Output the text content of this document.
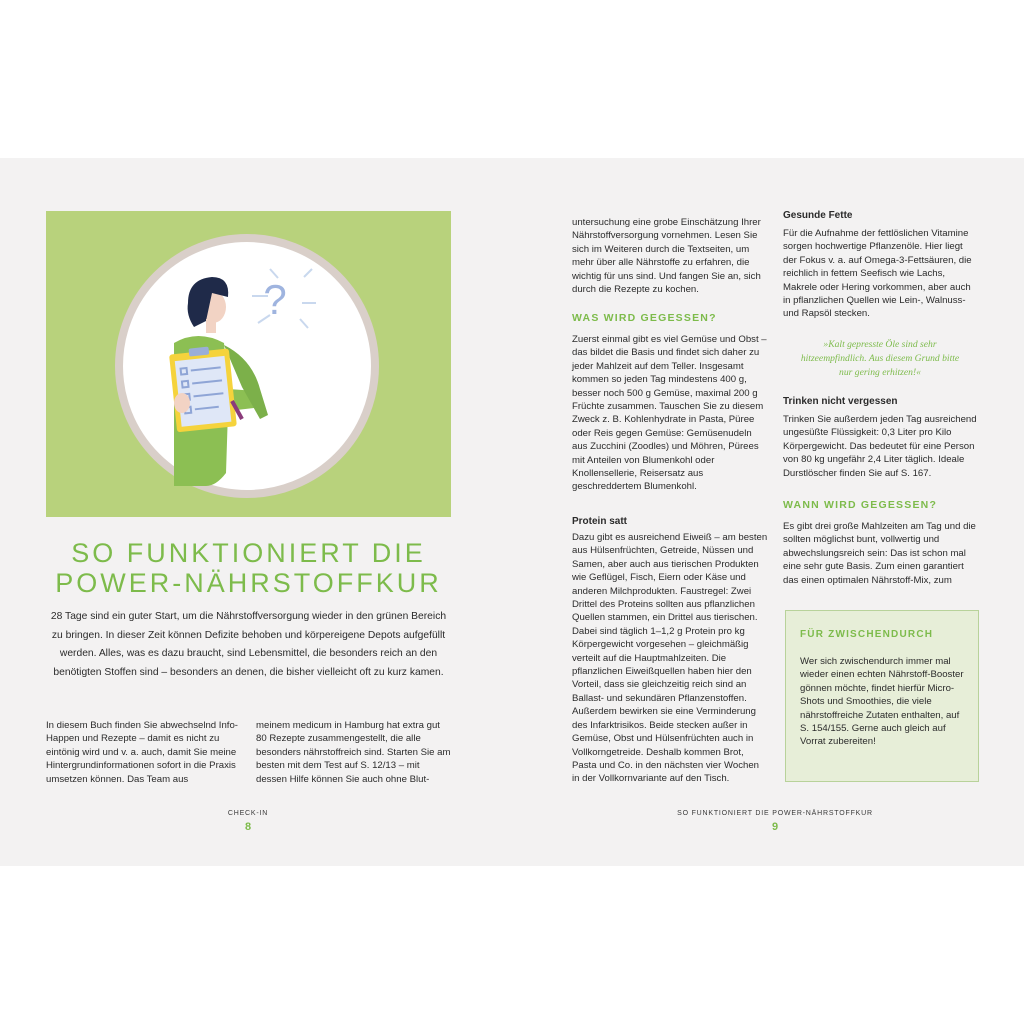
?
SO FUNKTIONIERT DIE
POWER-NÄHRSTOFFKUR

28 Tage sind ein guter Start, um die Nährstoffversorgung wieder in den grünen Bereich zu bringen. In dieser Zeit können Defizite behoben und körpereigene Depots aufgefüllt werden. Alles, was es dazu braucht, sind Lebensmittel, die besonders reich an den benötigten Stoffen sind – besonders an denen, die bisher vielleicht oft zu kurz kamen.

In diesem Buch finden Sie abwechselnd Info-Happen und Rezepte – damit es nicht zu eintönig wird und v. a. auch, damit Sie meine Hintergrundinformationen sofort in die Praxis umsetzen können. Das Team aus

meinem medicum in Hamburg hat extra gut 80 Rezepte zusammengestellt, die alle besonders nährstoffreich sind. Starten Sie am besten mit dem Test auf S. 12/13 – mit dessen Hilfe können Sie auch ohne Blut-

CHECK-IN
8

untersuchung eine grobe Einschätzung Ihrer Nährstoffversorgung vornehmen. Lesen Sie sich im Weiteren durch die Textseiten, um mehr über alle Nährstoffe zu erfahren, die wichtig für uns sind. Und fangen Sie an, sich durch die Rezepte zu kochen.

WAS WIRD GEGESSEN?

Zuerst einmal gibt es viel Gemüse und Obst – das bildet die Basis und findet sich daher zu jeder Mahlzeit auf dem Teller. Insgesamt kommen so jeden Tag mindestens 400 g, besser noch 500 g Gemüse, maximal 200 g Früchte zusammen. Tauschen Sie zu diesem Zweck z. B. Kohlenhydrate in Pasta, Püree oder Reis gegen Gemüse: Gemüsenudeln aus Zucchini (Zoodles) und Möhren, Pürees mit Anteilen von Blumenkohl oder Knollensellerie, Reisersatz aus geschreddertem Blumenkohl.

Protein satt

Dazu gibt es ausreichend Eiweiß – am besten aus Hülsenfrüchten, Getreide, Nüssen und Samen, aber auch aus tierischen Produkten wie Geflügel, Fisch, Eiern oder Käse und anderen Milchprodukten. Faustregel: Zwei Drittel des Proteins sollten aus pflanzlichen Quellen stammen, ein Drittel aus tierischen. Dabei sind täglich 1–1,2 g Protein pro kg Körpergewicht vorgesehen – gleichmäßig verteilt auf die Hauptmahlzeiten. Die pflanzlichen Eiweißquellen haben hier den Vorteil, dass sie gleichzeitig reich sind an Ballast- und sekundären Pflanzenstoffen. Außerdem bewirken sie eine Verminderung des Infarktrisikos. Beide stecken außer in Gemüse, Obst und Hülsenfrüchten auch in Vollkorngetreide. Deshalb kommen Brot, Pasta und Co. in den nächsten vier Wochen in der Vollkornvariante auf den Tisch.

Gesunde Fette

Für die Aufnahme der fettlöslichen Vitamine sorgen hochwertige Pflanzenöle. Hier liegt der Fokus v. a. auf Omega-3-Fettsäuren, die reichlich in fettem Seefisch wie Lachs, Makrele oder Hering vorkommen, aber auch in pflanzlichen Quellen wie Lein-, Walnuss- und Rapsöl stecken.

»Kalt gepresste Öle sind sehr hitzeempfindlich. Aus diesem Grund bitte nur gering erhitzen!«

Trinken nicht vergessen

Trinken Sie außerdem jeden Tag ausreichend ungesüßte Flüssigkeit: 0,3 Liter pro Kilo Körpergewicht. Das bedeutet für eine Person von 80 kg ungefähr 2,4 Liter täglich. Ideale Durstlöscher finden Sie auf S. 167.

WANN WIRD GEGESSEN?

Es gibt drei große Mahlzeiten am Tag und die sollten möglichst bunt, vollwertig und abwechslungsreich sein: Das ist schon mal eine sehr gute Basis. Zum einen garantiert das einen optimalen Nährstoff-Mix, zum

FÜR ZWISCHENDURCH

Wer sich zwischendurch immer mal wieder einen echten Nährstoff-Booster gönnen möchte, findet hierfür Micro-Shots und Smoothies, die viele nährstoffreiche Zutaten enthalten, auf S. 154/155. Gerne auch gleich auf Vorrat zubereiten!

SO FUNKTIONIERT DIE POWER-NÄHRSTOFFKUR
9
